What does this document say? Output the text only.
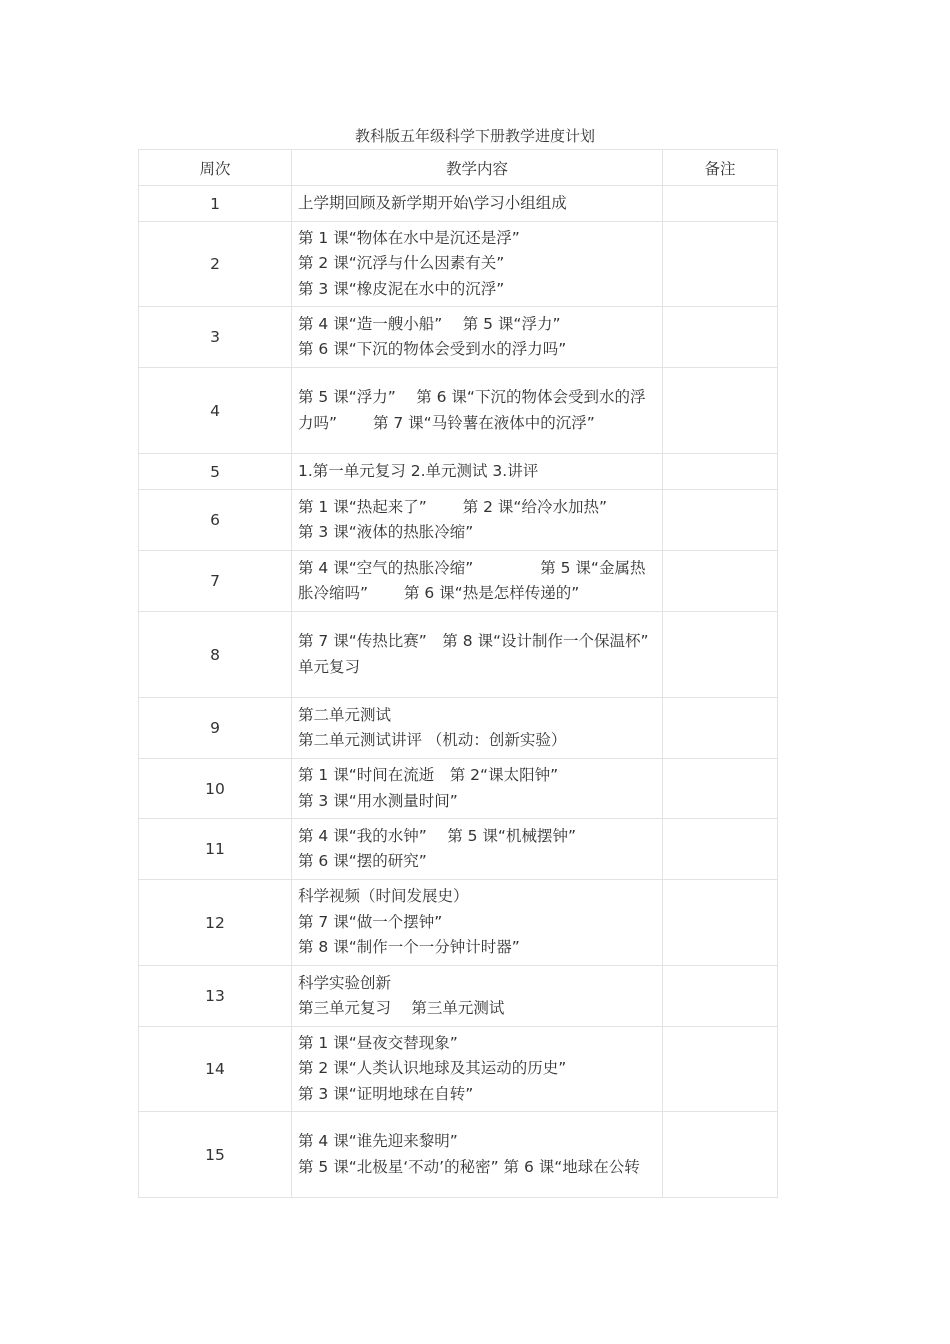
教科版五年级科学下册教学进度计划
周次	教学内容	备注
1	上学期回顾及新学期开始\学习小组组成	

2	第 1 课“物体在水中是沉还是浮”
第 2 课“沉浮与什么因素有关”
第 3 课“橡皮泥在水中的沉浮”	

3	第 4 课“造一艘小船”　 第 5 课“浮力”
第 6 课“下沉的物体会受到水的浮力吗”	

4	第 5 课“浮力”　 第 6 课“下沉的物体会受到水的浮力吗”　　 第 7 课“马铃薯在液体中的沉浮”	

5	1.第一单元复习 2.单元测试 3.讲评	

6	第 1 课“热起来了”　　 第 2 课“给冷水加热”
第 3 课“液体的热胀冷缩”	

7	第 4 课“空气的热胀冷缩”　　　　 第 5 课“金属热胀冷缩吗”　　 第 6 课“热是怎样传递的”	

8	第 7 课“传热比赛”　第 8 课“设计制作一个保温杯”
单元复习	

9	第二单元测试
第二单元测试讲评 （机动：创新实验）	

10	第 1 课“时间在流逝　第 2“课太阳钟”
第 3 课“用水测量时间”	

11	第 4 课“我的水钟”　 第 5 课“机械摆钟”
第 6 课“摆的研究”	

12	科学视频（时间发展史）
第 7 课“做一个摆钟”
第 8 课“制作一个一分钟计时器”	

13	科学实验创新
第三单元复习　 第三单元测试	

14	第 1 课“昼夜交替现象”
第 2 课“人类认识地球及其运动的历史”
第 3 课“证明地球在自转”	

15	第 4 课“谁先迎来黎明”
第 5 课“北极星‘不动’的秘密” 第 6 课“地球在公转	
